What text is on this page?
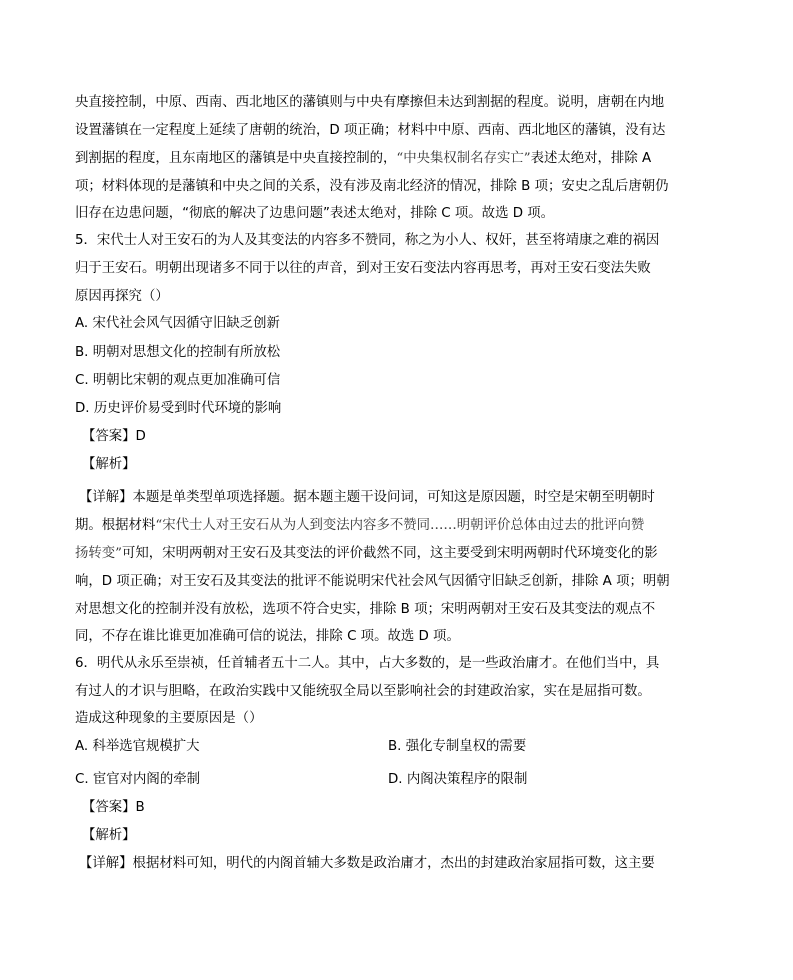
央直接控制，中原、西南、西北地区的藩镇则与中央有摩擦但未达到割据的程度。说明，唐朝在内地
设置藩镇在一定程度上延续了唐朝的统治，D 项正确；材料中中原、西南、西北地区的藩镇，没有达
到割据的程度，且东南地区的藩镇是中央直接控制的，“中央集权制名存实亡”表述太绝对，排除 A
项；材料体现的是藩镇和中央之间的关系，没有涉及南北经济的情况，排除 B 项；安史之乱后唐朝仍
旧存在边患问题，“彻底的解决了边患问题”表述太绝对，排除 C 项。故选 D 项。
5．宋代士人对王安石的为人及其变法的内容多不赞同，称之为小人、权奸，甚至将靖康之难的祸因
归于王安石。明朝出现诸多不同于以往的声音，到对王安石变法内容再思考，再对王安石变法失败
原因再探究（）
A. 宋代社会风气因循守旧缺乏创新
B. 明朝对思想文化的控制有所放松
C. 明朝比宋朝的观点更加准确可信
D. 历史评价易受到时代环境的影响
【答案】D
【解析】
【详解】本题是单类型单项选择题。据本题主题干设问词，可知这是原因题，时空是宋朝至明朝时
期。根据材料“宋代士人对王安石从为人到变法内容多不赞同……明朝评价总体由过去的批评向赞
扬转变”可知，宋明两朝对王安石及其变法的评价截然不同，这主要受到宋明两朝时代环境变化的影
响，D 项正确；对王安石及其变法的批评不能说明宋代社会风气因循守旧缺乏创新，排除 A 项；明朝
对思想文化的控制并没有放松，选项不符合史实，排除 B 项；宋明两朝对王安石及其变法的观点不
同，不存在谁比谁更加准确可信的说法，排除 C 项。故选 D 项。
6．明代从永乐至崇祯，任首辅者五十二人。其中，占大多数的，是一些政治庸才。在他们当中，具
有过人的才识与胆略，在政治实践中又能统驭全局以至影响社会的封建政治家，实在是屈指可数。
造成这种现象的主要原因是（）
A. 科举选官规模扩大	B. 强化专制皇权的需要
C. 宦官对内阁的牵制	D. 内阁决策程序的限制
【答案】B
【解析】
【详解】根据材料可知，明代的内阁首辅大多数是政治庸才，杰出的封建政治家屈指可数，这主要
